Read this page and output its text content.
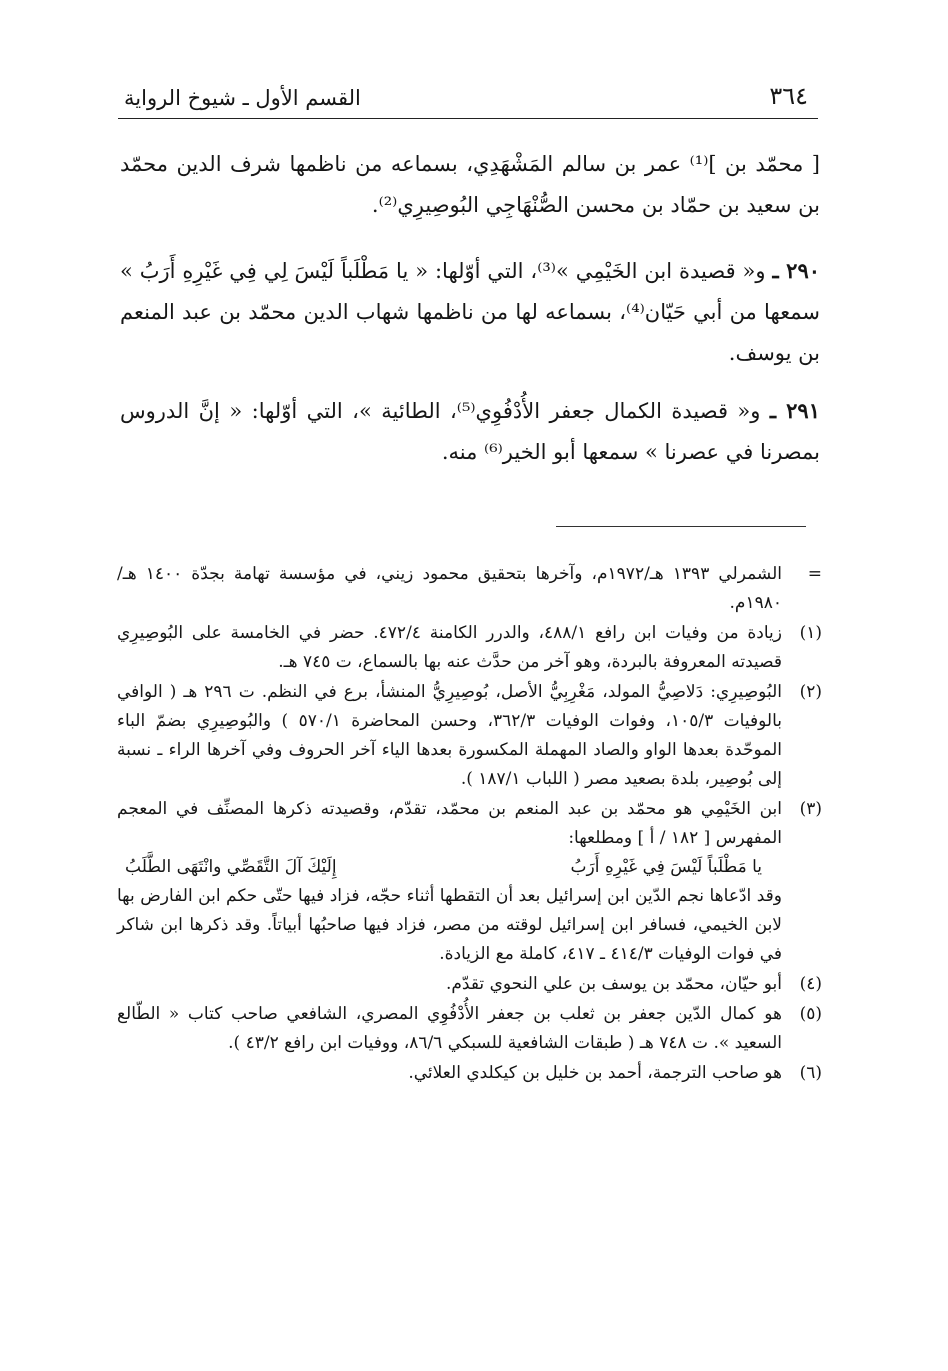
٣٦٤
القسم الأول ـ شيوخ الرواية

[ محمّد بن ]⁽¹⁾ عمر بن سالم المَشْهَدِي، بسماعه من ناظمها شرف الدين محمّد بن سعيد بن حمّاد بن محسن الصُّنْهَاجِي البُوصِيرِي⁽²⁾.

٢٩٠ ـ و« قصيدة ابن الخَيْمِي »⁽³⁾، التي أوّلها: « يا مَطْلَباً لَيْسَ لِي فِي غَيْرِهِ أَرَبُ » سمعها من أبي حَيّان⁽⁴⁾، بسماعه لها من ناظمها شهاب الدين محمّد بن عبد المنعم بن يوسف.

٢٩١ ـ و« قصيدة الكمال جعفر الأُدْفُوِي⁽⁵⁾، الطائية »، التي أوّلها: « إنَّ الدروس بمصرنا في عصرنا » سمعها أبو الخير⁽⁶⁾ منه.

=
الشمرلي ١٣٩٣ هـ/١٩٧٢م، وآخرها بتحقيق محمود زيني، في مؤسسة تهامة بجدّة ١٤٠٠ هـ/١٩٨٠م.
(١)
زيادة من وفيات ابن رافع ٤٨٨/١، والدرر الكامنة ٤٧٢/٤. حضر في الخامسة على البُوصِيرِي قصيدته المعروفة بالبردة، وهو آخر من حدَّث عنه بها بالسماع، ت ٧٤٥ هـ.
(٢)
البُوصِيرِي: دَلاصِيُّ المولد، مَغْرِبِيُّ الأصل، بُوصِيرِيُّ المنشأ، برع في النظم. ت ٢٩٦ هـ ( الوافي بالوفيات ١٠٥/٣، وفوات الوفيات ٣٦٢/٣، وحسن المحاضرة ٥٧٠/١ ) والبُوصِيرِي بضمّ الباء الموحّدة بعدها الواو والصاد المهملة المكسورة بعدها الياء آخر الحروف وفي آخرها الراء ـ نسبة إلى بُوصِير، بلدة بصعيد مصر ( اللباب ١٨٧/١ ).
(٣)
ابن الخَيْمِي هو محمّد بن عبد المنعم بن محمّد، تقدّم، وقصيدته ذكرها المصنِّف في المعجم المفهرس [ ١٨٢ / أ ] ومطلعها:
يا مَطْلَباً لَيْسَ فِي غَيْرِهِ أَرَبُ
إِلَيْكَ آلَ التَّقَصِّي وانْتَهَى الطَّلَبُ
وقد ادّعاها نجم الدّين ابن إسرائيل بعد أن التقطها أثناء حجّه، فزاد فيها حتّى حكم ابن الفارض بها لابن الخيمي، فسافر ابن إسرائيل لوقته من مصر، فزاد فيها صاحبُها أبياتاً. وقد ذكرها ابن شاكر في فوات الوفيات ٤١٤/٣ ـ ٤١٧، كاملة مع الزيادة.
(٤)
أبو حيّان، محمّد بن يوسف بن علي النحوي تقدّم.
(٥)
هو كمال الدّين جعفر بن ثعلب بن جعفر الأُدْفُوِي المصري، الشافعي صاحب كتاب « الطّالع السعيد ». ت ٧٤٨ هـ ( طبقات الشافعية للسبكي ٨٦/٦، ووفيات ابن رافع ٤٣/٢ ).
(٦)
هو صاحب الترجمة، أحمد بن خليل بن كيكلدي العلائي.
